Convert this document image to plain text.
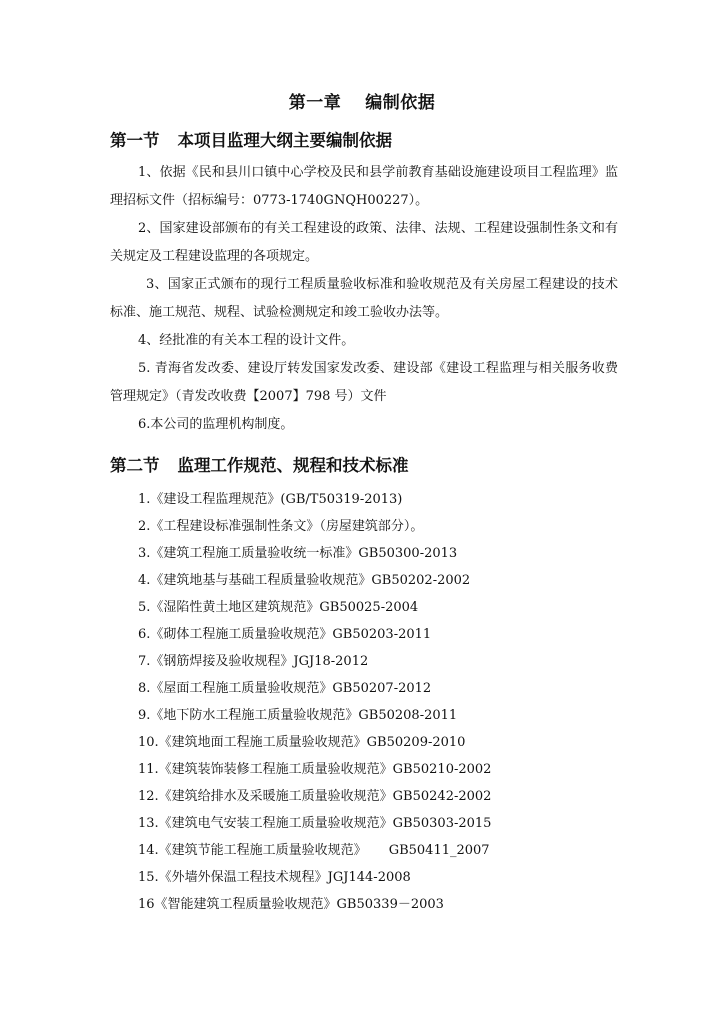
第一章　 编制依据
第一节 本项目监理大纲主要编制依据

1、依据《民和县川口镇中心学校及民和县学前教育基础设施建设项目工程监理》监理招标文件（招标编号：0773-1740GNQH00227）。

2、国家建设部颁布的有关工程建设的政策、法律、法规、工程建设强制性条文和有关规定及工程建设监理的各项规定。

3、国家正式颁布的现行工程质量验收标准和验收规范及有关房屋工程建设的技术标准、施工规范、规程、试验检测规定和竣工验收办法等。

4、经批准的有关本工程的设计文件。

5. 青海省发改委、建设厅转发国家发改委、建设部《建设工程监理与相关服务收费管理规定》（青发改收费【2007】798 号）文件

6.本公司的监理机构制度。

第二节 监理工作规范、规程和技术标准

1.《建设工程监理规范》(GB/T50319-2013)

2.《工程建设标准强制性条文》（房屋建筑部分）。

3.《建筑工程施工质量验收统一标准》GB50300-2013

4.《建筑地基与基础工程质量验收规范》GB50202-2002

5.《湿陷性黄土地区建筑规范》GB50025-2004

6.《砌体工程施工质量验收规范》GB50203-2011

7.《钢筋焊接及验收规程》JGJ18-2012

8.《屋面工程施工质量验收规范》GB50207-2012

9.《地下防水工程施工质量验收规范》GB50208-2011

10.《建筑地面工程施工质量验收规范》GB50209-2010

11.《建筑装饰装修工程施工质量验收规范》GB50210-2002

12.《建筑给排水及采暖施工质量验收规范》GB50242-2002

13.《建筑电气安装工程施工质量验收规范》GB50303-2015

14.《建筑节能工程施工质量验收规范》 GB50411_2007

15.《外墙外保温工程技术规程》JGJ144-2008

16《智能建筑工程质量验收规范》GB50339－2003
